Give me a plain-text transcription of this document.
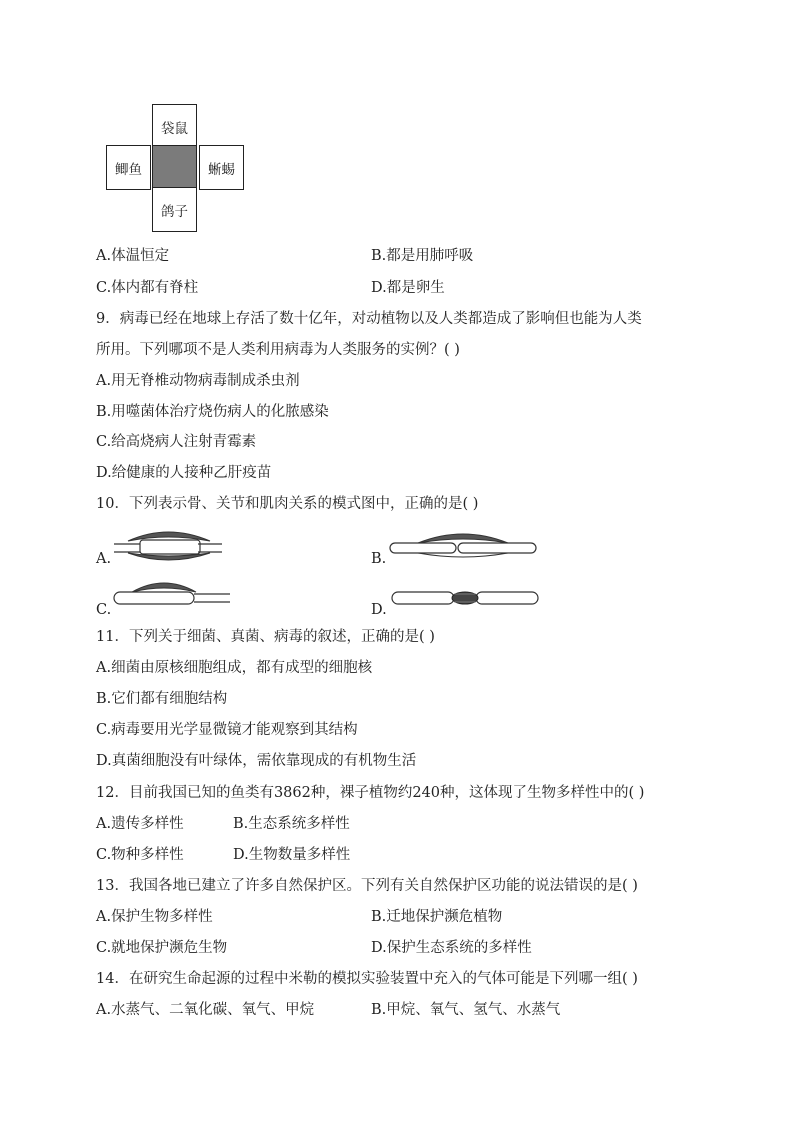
袋鼠
鲫鱼	蜥蜴
鸽子
A.体温恒定	B.都是用肺呼吸
C.体内都有脊柱	D.都是卵生
9．病毒已经在地球上存活了数十亿年，对动植物以及人类都造成了影响但也能为人类
所用。下列哪项不是人类利用病毒为人类服务的实例？( )
A.用无脊椎动物病毒制成杀虫剂
B.用噬菌体治疗烧伤病人的化脓感染
C.给高烧病人注射青霉素
D.给健康的人接种乙肝疫苗
10．下列表示骨、关节和肌肉关系的模式图中，正确的是( )
A.	B.
C.	D.
11．下列关于细菌、真菌、病毒的叙述，正确的是( )
A.细菌由原核细胞组成，都有成型的细胞核
B.它们都有细胞结构
C.病毒要用光学显微镜才能观察到其结构
D.真菌细胞没有叶绿体，需依靠现成的有机物生活
12．目前我国已知的鱼类有3862种，裸子植物约240种，这体现了生物多样性中的( )
A.遗传多样性	B.生态系统多样性
C.物种多样性	D.生物数量多样性
13．我国各地已建立了许多自然保护区。下列有关自然保护区功能的说法错误的是( )
A.保护生物多样性	B.迁地保护濒危植物
C.就地保护濒危生物	D.保护生态系统的多样性
14．在研究生命起源的过程中米勒的模拟实验装置中充入的气体可能是下列哪一组( )
A.水蒸气、二氧化碳、氧气、甲烷	B.甲烷、氧气、氢气、水蒸气
